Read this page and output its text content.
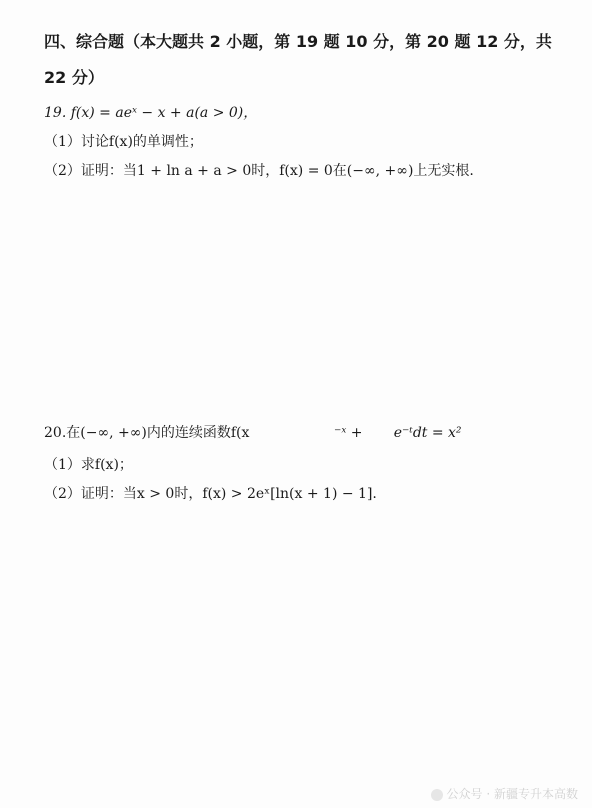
四、综合题（本大题共 2 小题，第 19 题 10 分，第 20 题 12 分，共
22 分）
19. f(x) = aeˣ − x + a(a > 0)，
（1）讨论f(x)的单调性；
（2）证明：当1 + ln a + a > 0时，f(x) = 0在(−∞, +∞)上无实根.
20.在(−∞, +∞)内的连续函数f(x	⁻ˣ + e⁻ᵗdt = x²
（1）求f(x)；
（2）证明：当x > 0时，f(x) > 2eˣ[ln(x + 1) − 1].
公众号 · 新疆专升本高数
